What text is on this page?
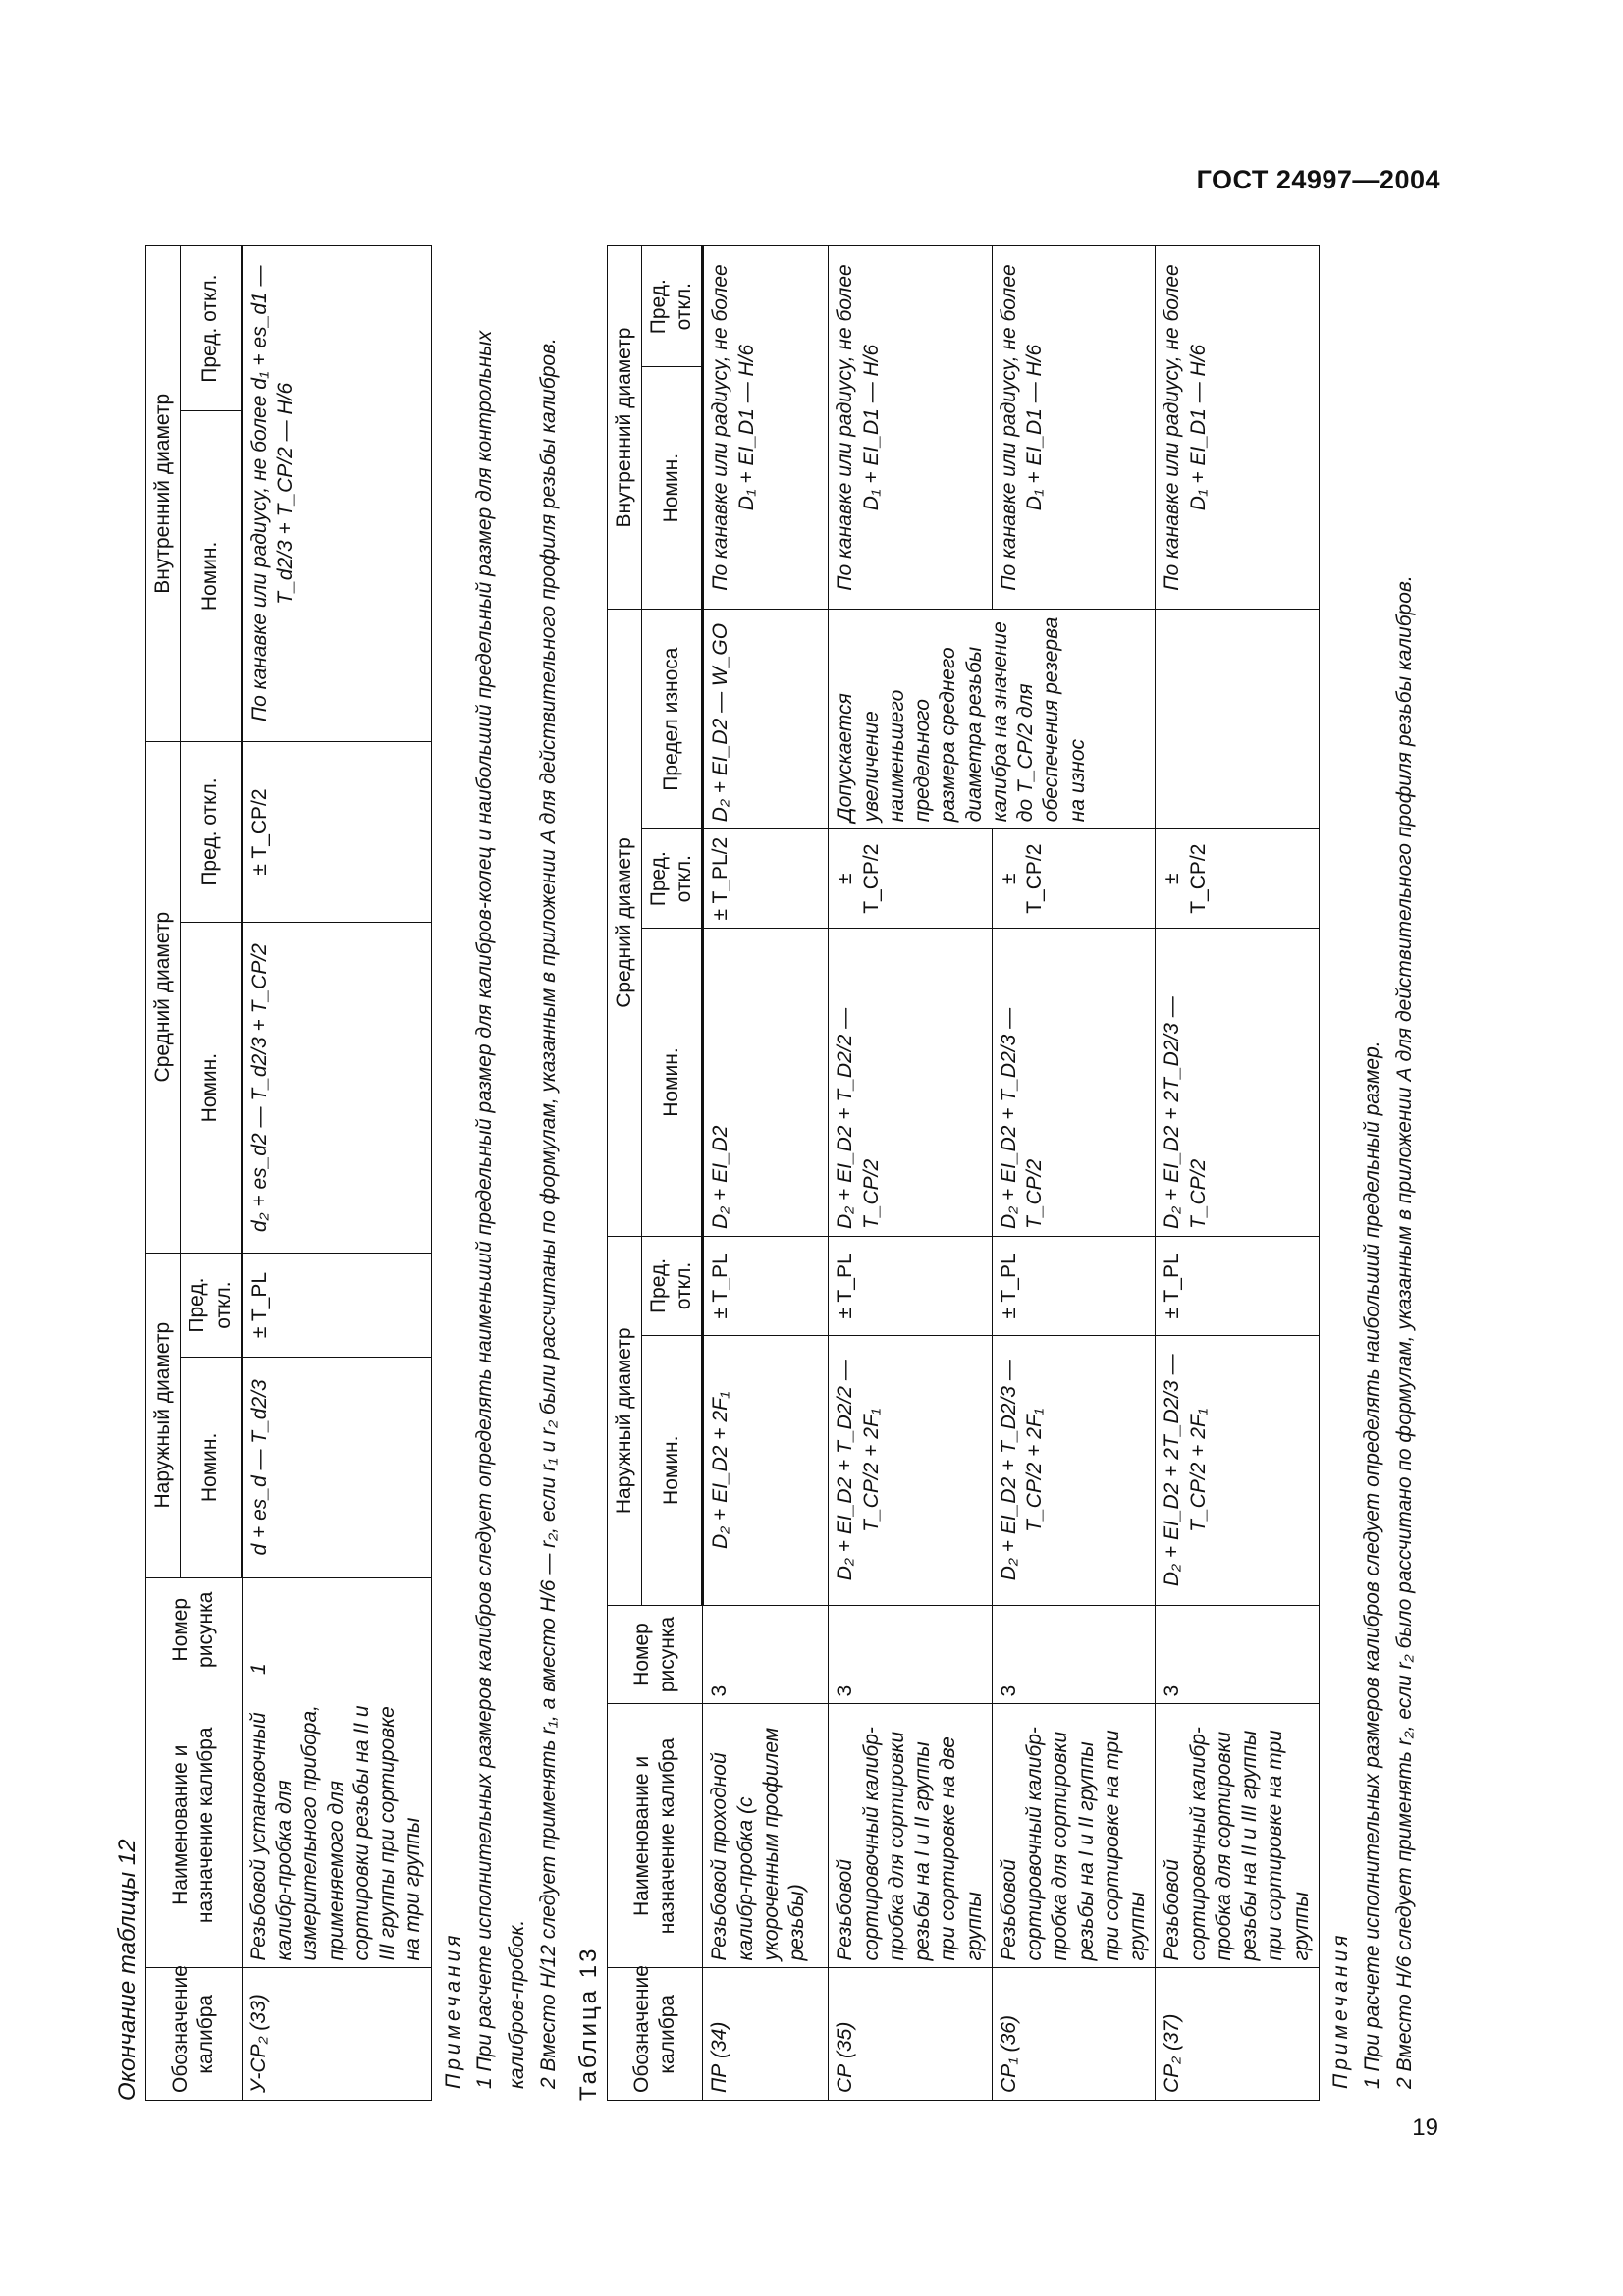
ГОСТ 24997—2004
19
Окончание таблицы 12 Обозначение калибра	Наименование и назначение калибра	Номер рисунка	Наружный диаметр		Средний диаметр		Внутренний диаметр	
			Номин.	Пред. откл.	Номин.	Пред. откл.	Номин.	Пред. откл.
У-СР₂ (33)	Резьбовой установочный калибр-пробка для измерительного прибора, применяемого для сортировки резьбы на II и III группы при сортировке на три группы	1	d + es_d — T_d2/3	± T_PL	d₂ + es_d2 — T_d2/3 + T_CP/2	± T_CP/2	По канавке или радиусу, не более d₁ + es_d1 — T_d2/3 + T_CP/2 — H/6	

Примечания 1 При расчете исполнительных размеров калибров следует определять наименьший предельный размер для калибров-колец и наибольший предельный размер для контрольных калибров-пробок. 2 Вместо H/12 следует применять r₁, а вместо H/6 — r₂, если r₁ и r₂ были рассчитаны по формулам, указанным в приложении А для действительного профиля резьбы калибров. Таблица 13 Обозначение калибра	Наименование и назначение калибра	Номер рисунка	Наружный диаметр		Средний диаметр			Внутренний диаметр	
			Номин.	Пред. откл.	Номин.	Пред. откл.	Предел износа	Номин.	Пред. откл.
ПР (34)	Резьбовой проходной калибр-пробка (с укороченным профилем резьбы)	3	D₂ + EI_D2 + 2F₁	± T_PL	D₂ + EI_D2	± T_PL/2	D₂ + EI_D2 — W_GO	По канавке или радиусу, не более D₁ + EI_D1 — H/6	
СР (35)	Резьбовой сортировочный калибр-пробка для сортировки резьбы на I и II группы при сортировке на две группы	3	D₂ + EI_D2 + T_D2/2 — T_CP/2 + 2F₁	± T_PL	D₂ + EI_D2 + T_D2/2 — T_CP/2	± T_CP/2	Допускается увеличение наименьшего предельного размера среднего диаметра резьбы калибра на значение до T_CP/2 для обеспечения резерва на износ	По канавке или радиусу, не более D₁ + EI_D1 — H/6	
СР₁ (36)	Резьбовой сортировочный калибр-пробка для сортировки резьбы на I и II группы при сортировке на три группы	3	D₂ + EI_D2 + T_D2/3 — T_CP/2 + 2F₁	± T_PL	D₂ + EI_D2 + T_D2/3 — T_CP/2	± T_CP/2		По канавке или радиусу, не более D₁ + EI_D1 — H/6	
СР₂ (37)	Резьбовой сортировочный калибр-пробка для сортировки резьбы на II и III группы при сортировке на три группы	3	D₂ + EI_D2 + 2T_D2/3 — T_CP/2 + 2F₁	± T_PL	D₂ + EI_D2 + 2T_D2/3 — T_CP/2	± T_CP/2		По канавке или радиусу, не более D₁ + EI_D1 — H/6	

Примечания 1 При расчете исполнительных размеров калибров следует определять наибольший предельный размер. 2 Вместо H/6 следует применять r₂, если r₂ было рассчитано по формулам, указанным в приложении А для действительного профиля резьбы калибров.
